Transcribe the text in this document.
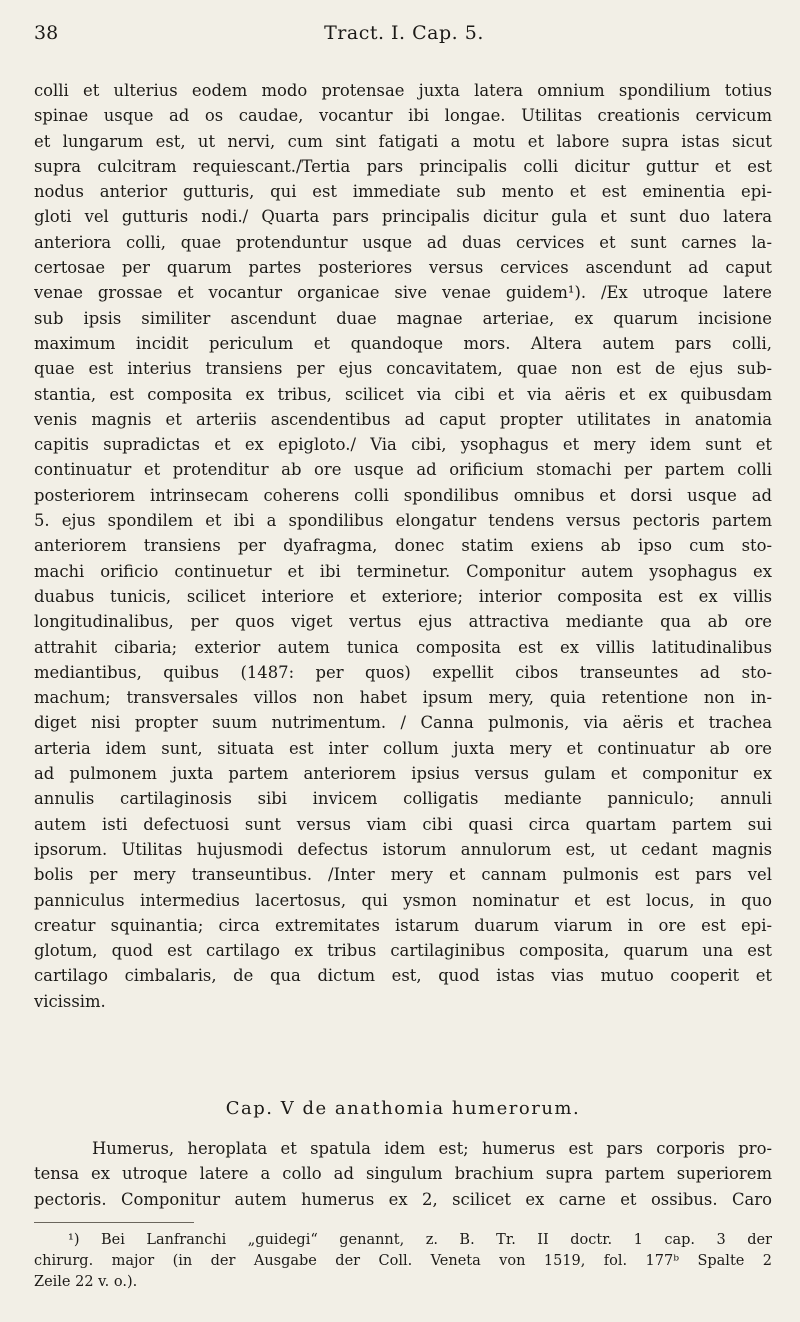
38	Tract. I. Cap. 5.
colli et ulterius eodem modo protensae juxta latera omnium spondilium totius
spinae usque ad os caudae, vocantur ibi longae. Utilitas creationis cervicum
et lungarum est, ut nervi, cum sint fatigati a motu et labore supra istas sicut
supra culcitram requiescant./Tertia pars principalis colli dicitur guttur et est
nodus anterior gutturis, qui est immediate sub mento et est eminentia epi-
gloti vel gutturis nodi./ Quarta pars principalis dicitur gula et sunt duo latera
anteriora colli, quae protenduntur usque ad duas cervices et sunt carnes la-
certosae per quarum partes posteriores versus cervices ascendunt ad caput
venae grossae et vocantur organicae sive venae guidem¹). /Ex utroque latere
sub ipsis similiter ascendunt duae magnae arteriae, ex quarum incisione
maximum incidit periculum et quandoque mors. Altera autem pars colli,
quae est interius transiens per ejus concavitatem, quae non est de ejus sub-
stantia, est composita ex tribus, scilicet via cibi et via aëris et ex quibusdam
venis magnis et arteriis ascendentibus ad caput propter utilitates in anatomia
capitis supradictas et ex epigloto./ Via cibi, ysophagus et mery idem sunt et
continuatur et protenditur ab ore usque ad orificium stomachi per partem colli
posteriorem intrinsecam coherens colli spondilibus omnibus et dorsi usque ad
5. ejus spondilem et ibi a spondilibus elongatur tendens versus pectoris partem
anteriorem transiens per dyafragma, donec statim exiens ab ipso cum sto-
machi orificio continuetur et ibi terminetur. Componitur autem ysophagus ex
duabus tunicis, scilicet interiore et exteriore; interior composita est ex villis
longitudinalibus, per quos viget vertus ejus attractiva mediante qua ab ore
attrahit cibaria; exterior autem tunica composita est ex villis latitudinalibus
mediantibus, quibus (1487: per quos) expellit cibos transeuntes ad sto-
machum; transversales villos non habet ipsum mery, quia retentione non in-
diget nisi propter suum nutrimentum. / Canna pulmonis, via aëris et trachea
arteria idem sunt, situata est inter collum juxta mery et continuatur ab ore
ad pulmonem juxta partem anteriorem ipsius versus gulam et componitur ex
annulis cartilaginosis sibi invicem colligatis mediante panniculo; annuli
autem isti defectuosi sunt versus viam cibi quasi circa quartam partem sui
ipsorum. Utilitas hujusmodi defectus istorum annulorum est, ut cedant magnis
bolis per mery transeuntibus. /Inter mery et cannam pulmonis est pars vel
panniculus intermedius lacertosus, qui ysmon nominatur et est locus, in quo
creatur squinantia; circa extremitates istarum duarum viarum in ore est epi-
glotum, quod est cartilago ex tribus cartilaginibus composita, quarum una est
cartilago cimbalaris, de qua dictum est, quod istas vias mutuo cooperit et
vicissim.
Cap. V de anathomia humerorum.
Humerus, heroplata et spatula idem est; humerus est pars corporis pro-
tensa ex utroque latere a collo ad singulum brachium supra partem superiorem
pectoris. Componitur autem humerus ex 2, scilicet ex carne et ossibus. Caro
¹) Bei Lanfranchi „guidegi“ genannt, z. B. Tr. II doctr. 1 cap. 3 der
chirurg. major (in der Ausgabe der Coll. Veneta von 1519, fol. 177ᵇ Spalte 2
Zeile 22 v. o.).
